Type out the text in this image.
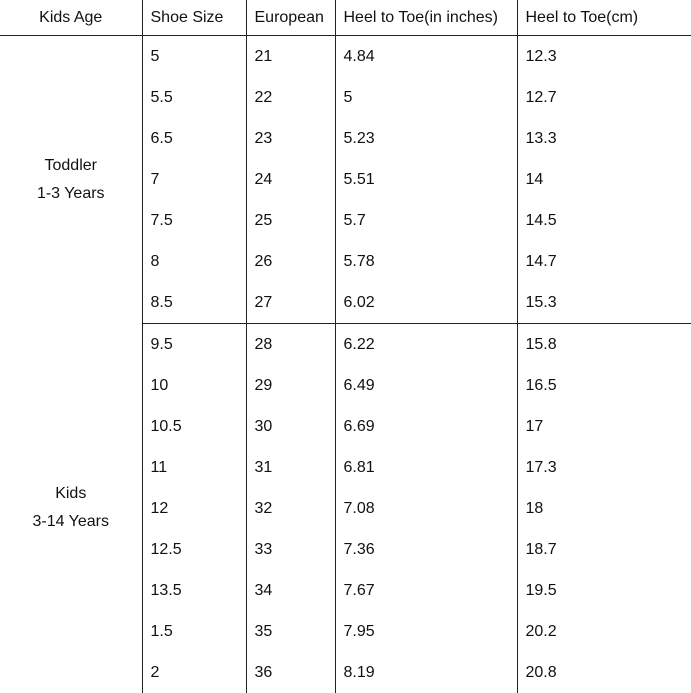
Kids Age	Shoe Size	European	Heel to Toe(in inches)	Heel to Toe(cm)

Toddler
1-3 Years	5	21	4.84	12.3
	5.5	22	5	12.7
	6.5	23	5.23	13.3
	7	24	5.51	14
	7.5	25	5.7	14.5
	8	26	5.78	14.7
	8.5	27	6.02	15.3

Kids
3-14 Years	9.5	28	6.22	15.8
	10	29	6.49	16.5
	10.5	30	6.69	17
	11	31	6.81	17.3
	12	32	7.08	18
	12.5	33	7.36	18.7
	13.5	34	7.67	19.5
	1.5	35	7.95	20.2
	2	36	8.19	20.8
